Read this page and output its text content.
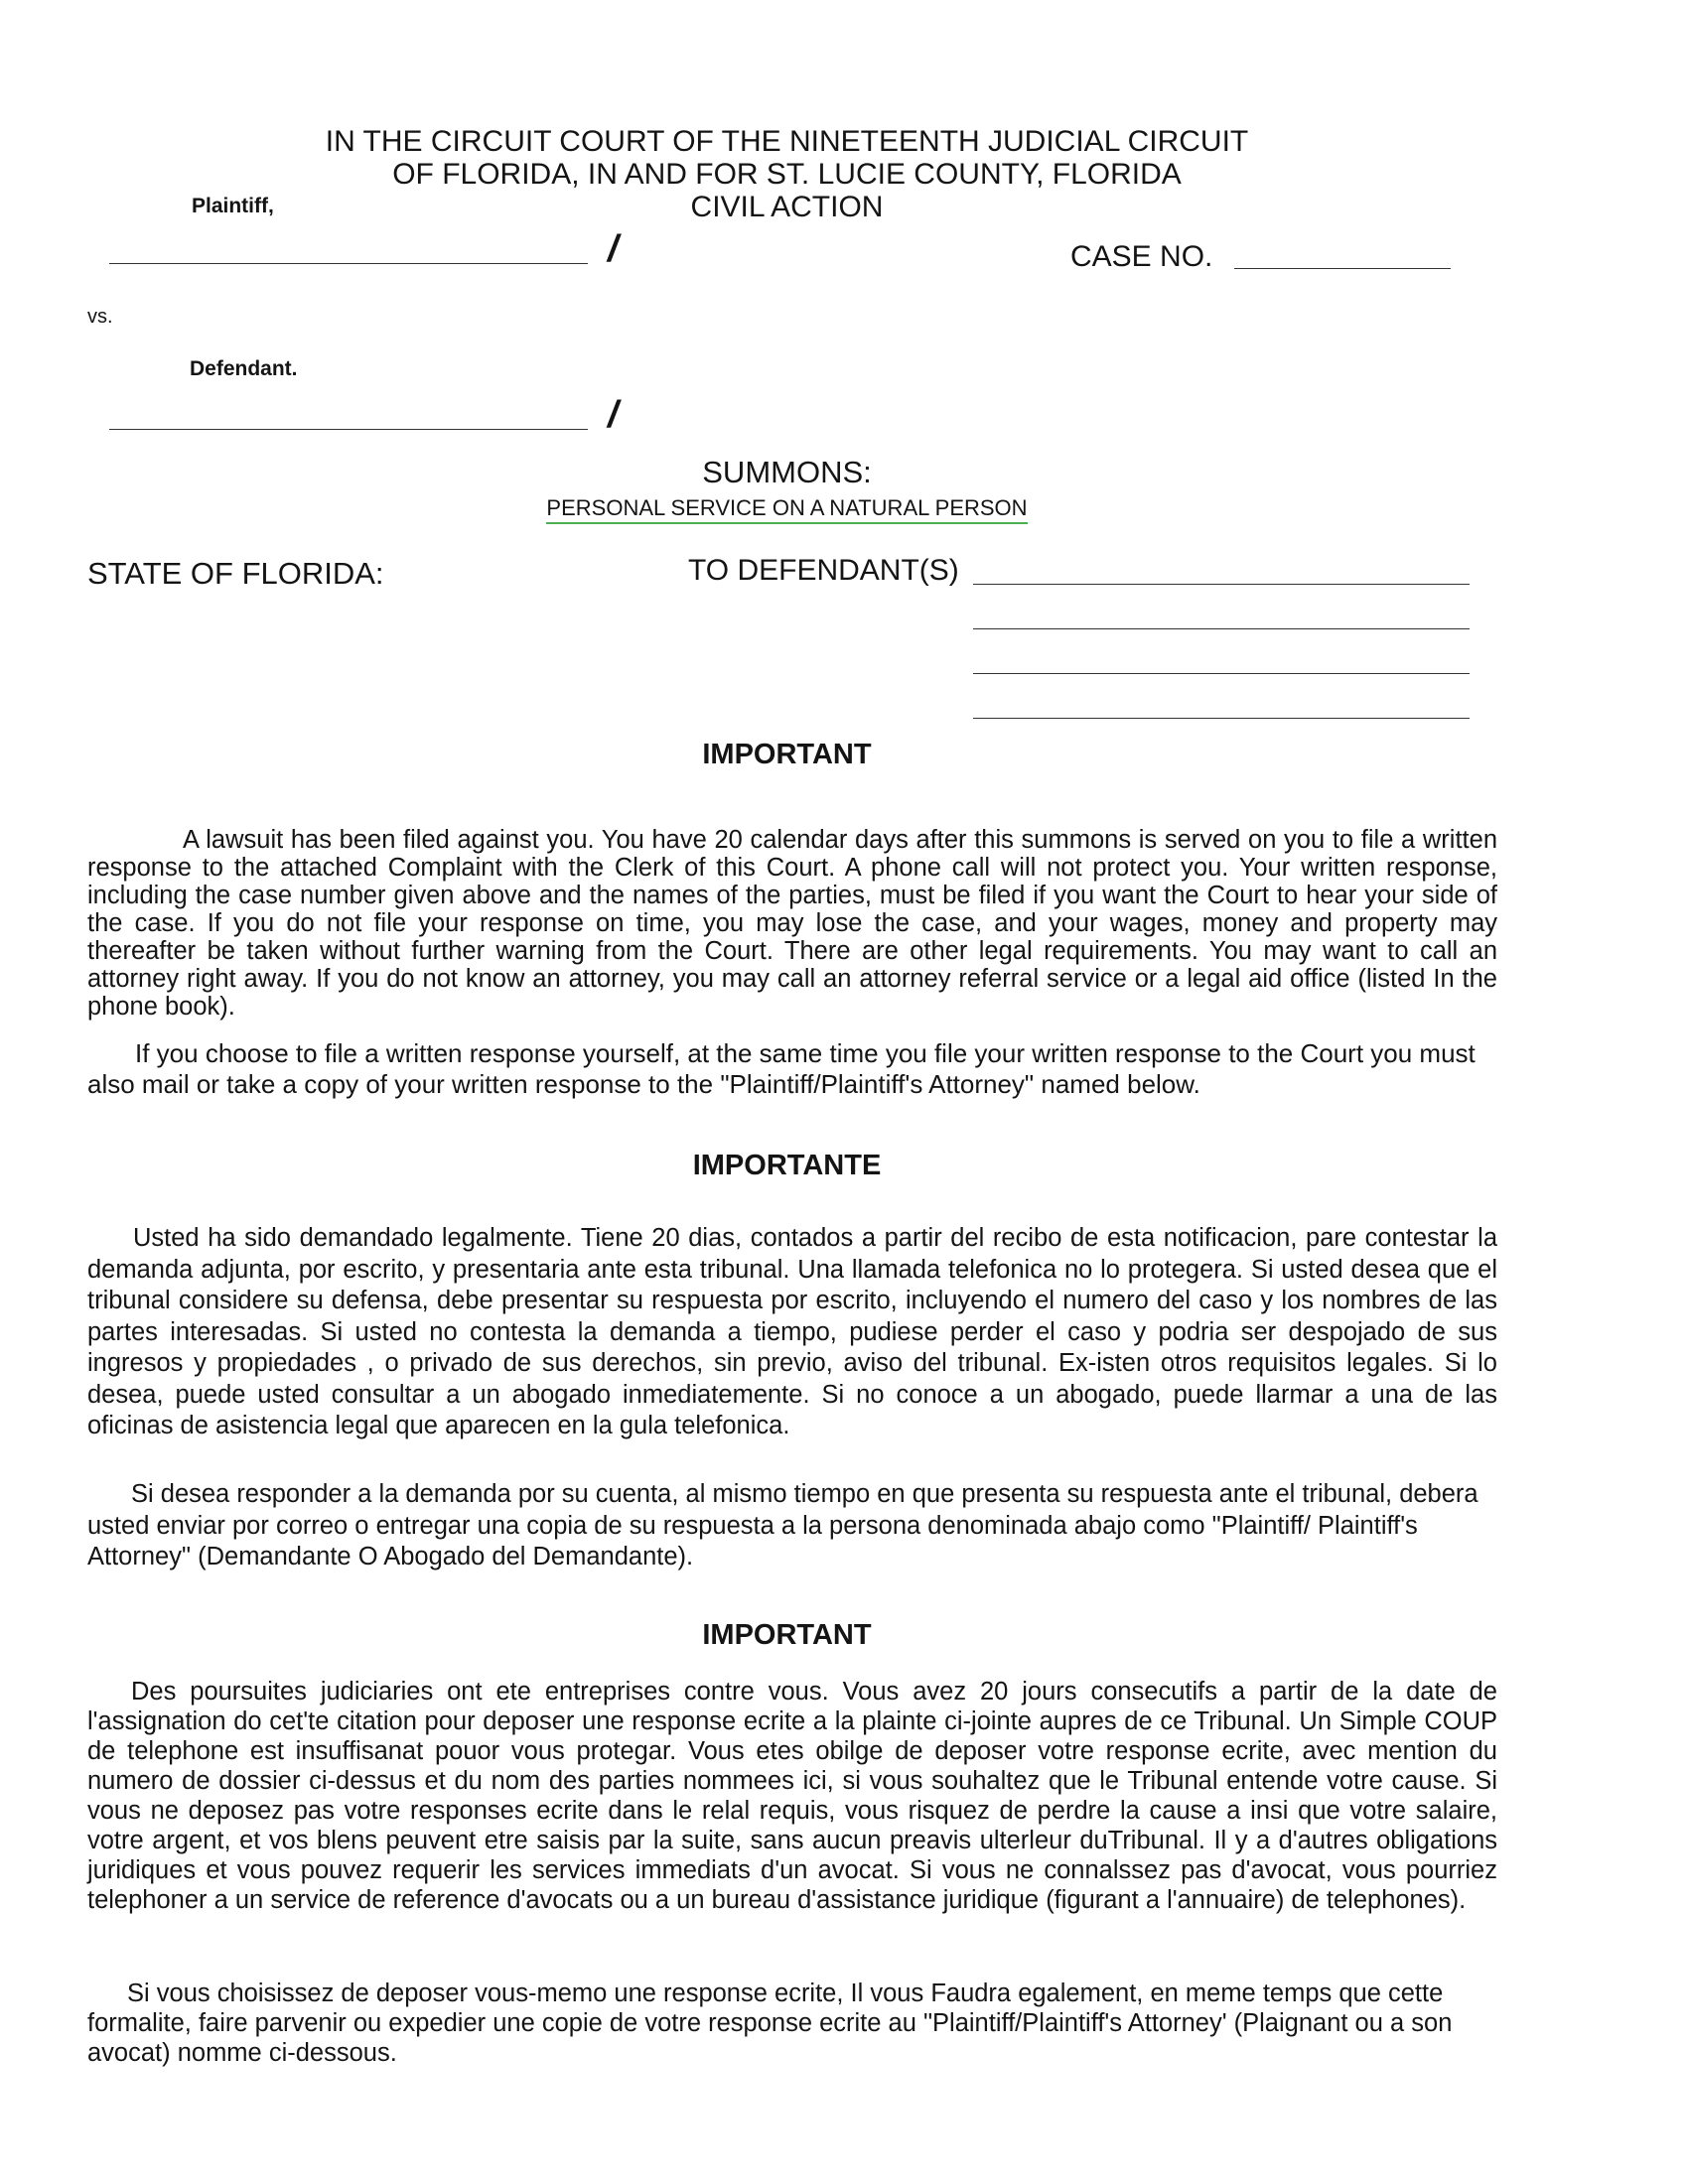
IN THE CIRCUIT COURT OF THE NINETEENTH JUDICIAL CIRCUIT
OF FLORIDA, IN AND FOR ST. LUCIE COUNTY, FLORIDA
CIVIL ACTION
Plaintiff,
/	CASE NO.
vs.
Defendant.
/
SUMMONS:
PERSONAL SERVICE ON A NATURAL PERSON
STATE OF FLORIDA:	TO DEFENDANT(S)
IMPORTANT
A lawsuit has been filed against you. You have 20 calendar days after this summons is served on you to file a written response to the attached Complaint with the Clerk of this Court. A phone call will not protect you. Your written response, including the case number given above and the names of the parties, must be filed if you want the Court to hear your side of the case. If you do not file your response on time, you may lose the case, and your wages, money and property may thereafter be taken without further warning from the Court. There are other legal requirements. You may want to call an attorney right away. If you do not know an attorney, you may call an attorney referral service or a legal aid office (listed In the phone book).
If you choose to file a written response yourself, at the same time you file your written response to the Court you must also mail or take a copy of your written response to the "Plaintiff/Plaintiff's Attorney" named below.
IMPORTANTE
Usted ha sido demandado legalmente. Tiene 20 dias, contados a partir del recibo de esta notificacion, pare contestar la demanda adjunta, por escrito, y presentaria ante esta tribunal. Una llamada telefonica no lo protegera. Si usted desea que el tribunal considere su defensa, debe presentar su respuesta por escrito, incluyendo el numero del caso y los nombres de las partes interesadas. Si usted no contesta la demanda a tiempo, pudiese perder el caso y podria ser despojado de sus ingresos y propiedades , o privado de sus derechos, sin previo, aviso del tribunal. Ex-isten otros requisitos legales. Si lo desea, puede usted consultar a un abogado inmediatemente. Si no conoce a un abogado, puede llarmar a una de las oficinas de asistencia legal que aparecen en la gula telefonica.
Si desea responder a la demanda por su cuenta, al mismo tiempo en que presenta su respuesta ante el tribunal, debera usted enviar por correo o entregar una copia de su respuesta a la persona denominada abajo como "Plaintiff/ Plaintiff's Attorney" (Demandante O Abogado del Demandante).
IMPORTANT
Des poursuites judiciaries ont ete entreprises contre vous. Vous avez 20 jours consecutifs a partir de la date de l'assignation do cet'te citation pour deposer une response ecrite a la plainte ci-jointe aupres de ce Tribunal. Un Simple COUP de telephone est insuffisanat pouor vous protegar. Vous etes obilge de deposer votre response ecrite, avec mention du numero de dossier ci-dessus et du nom des parties nommees ici, si vous souhaltez que le Tribunal entende votre cause. Si vous ne deposez pas votre responses ecrite dans le relal requis, vous risquez de perdre la cause a insi que votre salaire, votre argent, et vos blens peuvent etre saisis par la suite, sans aucun preavis ulterleur duTribunal. Il y a d'autres obligations juridiques et vous pouvez requerir les services immediats d'un avocat. Si vous ne connalssez pas d'avocat, vous pourriez telephoner a un service de reference d'avocats ou a un bureau d'assistance juridique (figurant a l'annuaire) de telephones).
Si vous choisissez de deposer vous-memo une response ecrite, Il vous Faudra egalement, en meme temps que cette formalite, faire parvenir ou expedier une copie de votre response ecrite au "Plaintiff/Plaintiff's Attorney' (Plaignant ou a son avocat) nomme ci-dessous.
